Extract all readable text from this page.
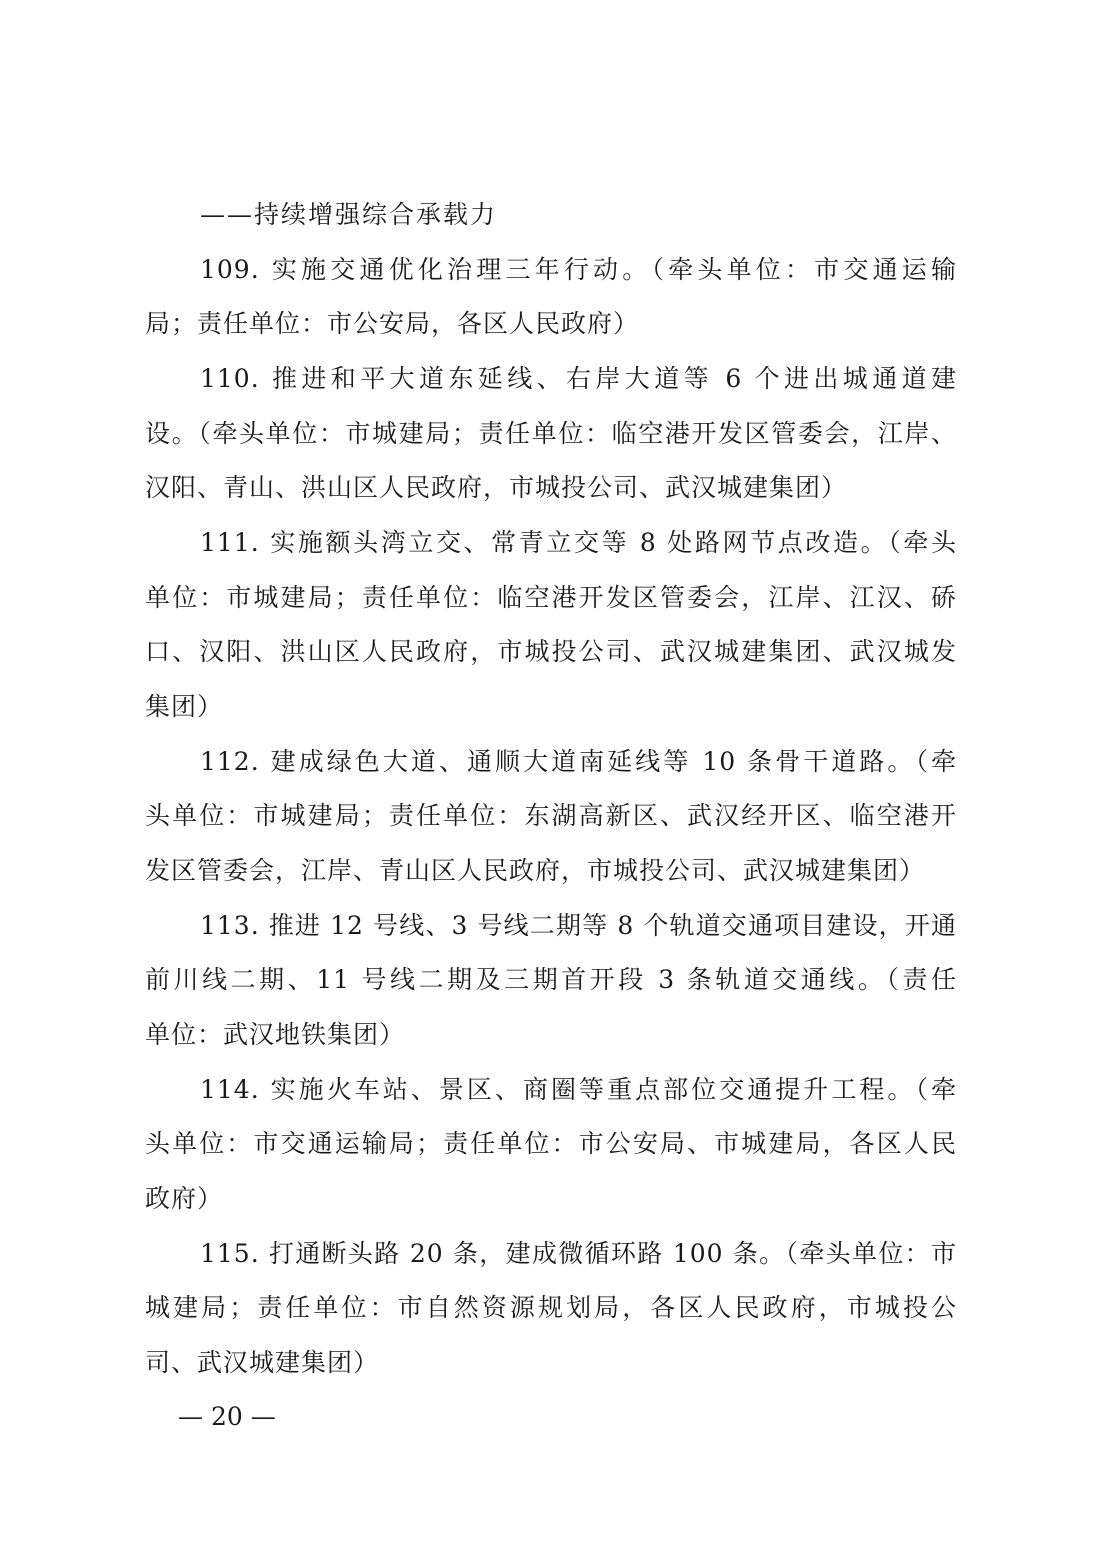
——持续增强综合承载力
109. 实施交通优化治理三年行动。（牵头单位：市交通运输
局；责任单位：市公安局，各区人民政府）
110. 推进和平大道东延线、右岸大道等 6 个进出城通道建
设。（牵头单位：市城建局；责任单位：临空港开发区管委会，江岸、
汉阳、青山、洪山区人民政府，市城投公司、武汉城建集团）
111. 实施额头湾立交、常青立交等 8 处路网节点改造。（牵头
单位：市城建局；责任单位：临空港开发区管委会，江岸、江汉、硚
口、汉阳、洪山区人民政府，市城投公司、武汉城建集团、武汉城发
集团）
112. 建成绿色大道、通顺大道南延线等 10 条骨干道路。（牵
头单位：市城建局；责任单位：东湖高新区、武汉经开区、临空港开
发区管委会，江岸、青山区人民政府，市城投公司、武汉城建集团）
113. 推进 12 号线、3 号线二期等 8 个轨道交通项目建设，开通
前川线二期、11 号线二期及三期首开段 3 条轨道交通线。（责任
单位：武汉地铁集团）
114. 实施火车站、景区、商圈等重点部位交通提升工程。（牵
头单位：市交通运输局；责任单位：市公安局、市城建局，各区人民
政府）
115. 打通断头路 20 条，建成微循环路 100 条。（牵头单位：市
城建局；责任单位：市自然资源规划局，各区人民政府，市城投公
司、武汉城建集团）
— 20 —
